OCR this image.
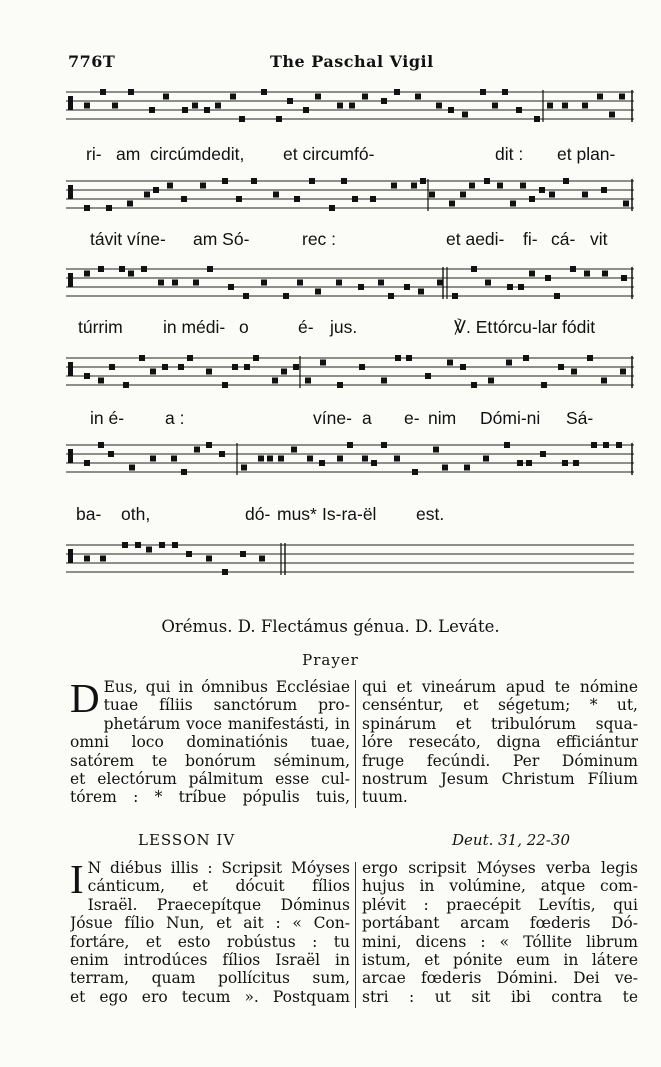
776T	The Paschal Vigil
ri- am circúmdedit, et circumfó-	dit : et plan-
távit víne- am Só-	rec :	et aedi- fi- cá- vit
túrrim in médi- o	é- jus.	℣. Et tórcu-lar fódit
in é- a :	víne- a e- nim Dómi-ni Sá-
ba- oth,	dó- mus* Is-ra-ël est.
Orémus. D. Flectámus génua. D. Leváte.
Prayer
D Eus, qui in ómnibus Ecclésiae
tuae fíliis sanctórum pro-
phetárum voce manifestásti, in
omni loco dominatiónis tuae,
satórem te bonórum séminum,
et electórum pálmitum esse cul-
tórem : * tríbue pópulis tuis,
qui et vineárum apud te nómine
censéntur, et ségetum; * ut,
spinárum et tribulórum squa-
lóre resecáto, digna efficiántur
fruge fecúndi. Per Dóminum
nostrum Jesum Christum Fílium
tuum.
LESSON IV	Deut. 31, 22-30
I N diébus illis : Scripsit Móyses
cánticum, et dócuit fílios
Israël. Praecepítque Dóminus
Jósue fílio Nun, et ait : « Con-
fortáre, et esto robústus : tu
enim introdúces fílios Israël in
terram, quam pollícitus sum,
et ego ero tecum ». Postquam
ergo scripsit Móyses verba legis
hujus in volúmine, atque com-
plévit : praecépit Levítis, qui
portábant arcam fœderis Dó-
mini, dicens : « Tóllite librum
istum, et pónite eum in látere
arcae fœderis Dómini. Dei ve-
stri : ut sit ibi contra te
